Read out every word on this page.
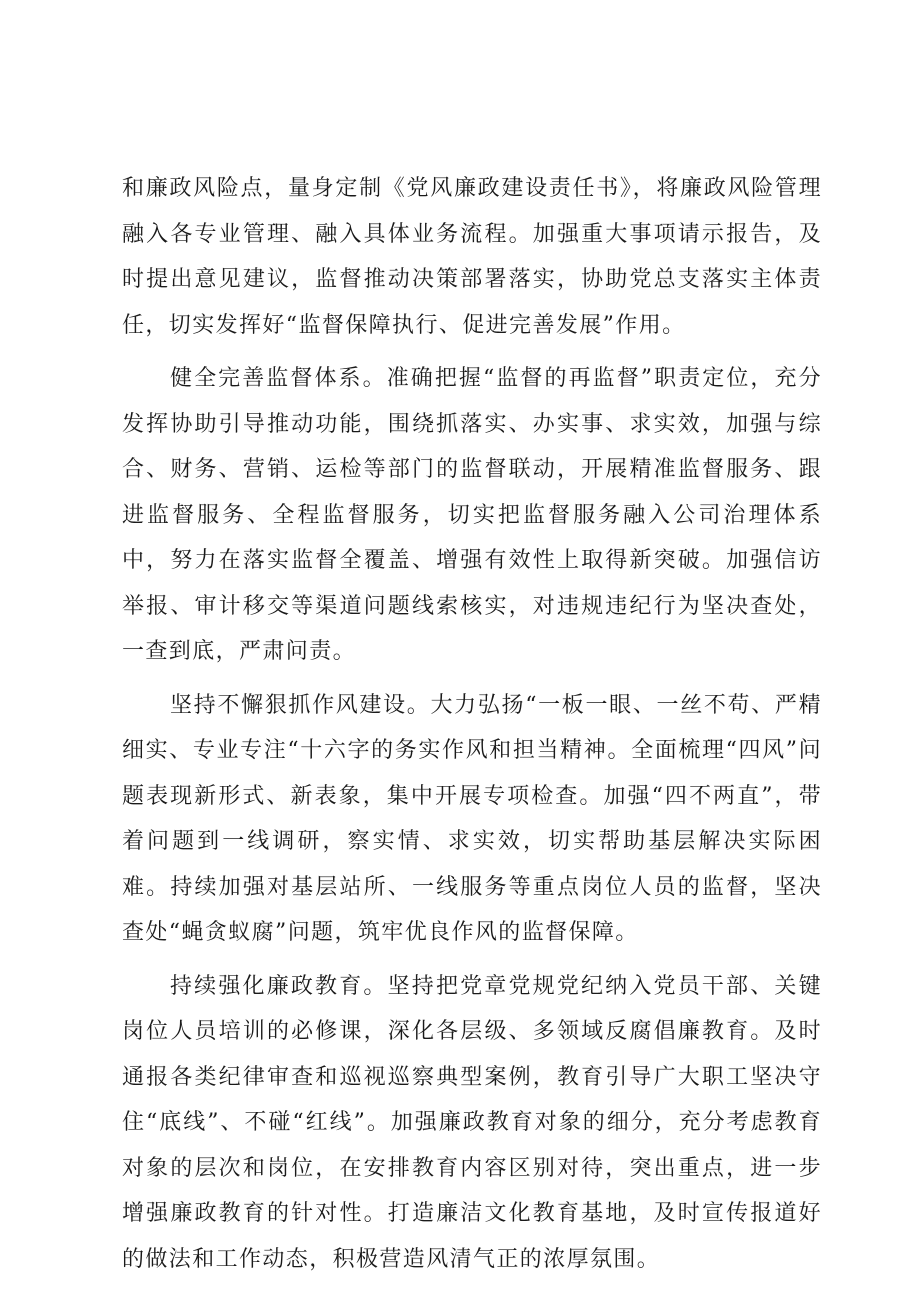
和廉政风险点，量身定制《党风廉政建设责任书》，将廉政风险管理融入各专业管理、融入具体业务流程。加强重大事项请示报告，及时提出意见建议，监督推动决策部署落实，协助党总支落实主体责任，切实发挥好“监督保障执行、促进完善发展”作用。

健全完善监督体系。准确把握“监督的再监督”职责定位，充分发挥协助引导推动功能，围绕抓落实、办实事、求实效，加强与综合、财务、营销、运检等部门的监督联动，开展精准监督服务、跟进监督服务、全程监督服务，切实把监督服务融入公司治理体系中，努力在落实监督全覆盖、增强有效性上取得新突破。加强信访举报、审计移交等渠道问题线索核实，对违规违纪行为坚决查处，一查到底，严肃问责。

坚持不懈狠抓作风建设。大力弘扬“一板一眼、一丝不苟、严精细实、专业专注“十六字的务实作风和担当精神。全面梳理“四风”问题表现新形式、新表象，集中开展专项检查。加强“四不两直”，带着问题到一线调研，察实情、求实效，切实帮助基层解决实际困难。持续加强对基层站所、一线服务等重点岗位人员的监督，坚决查处“蝇贪蚁腐”问题，筑牢优良作风的监督保障。

持续强化廉政教育。坚持把党章党规党纪纳入党员干部、关键岗位人员培训的必修课，深化各层级、多领域反腐倡廉教育。及时通报各类纪律审查和巡视巡察典型案例，教育引导广大职工坚决守住“底线”、不碰“红线”。加强廉政教育对象的细分，充分考虑教育对象的层次和岗位，在安排教育内容区别对待，突出重点，进一步增强廉政教育的针对性。打造廉洁文化教育基地，及时宣传报道好的做法和工作动态，积极营造风清气正的浓厚氛围。
